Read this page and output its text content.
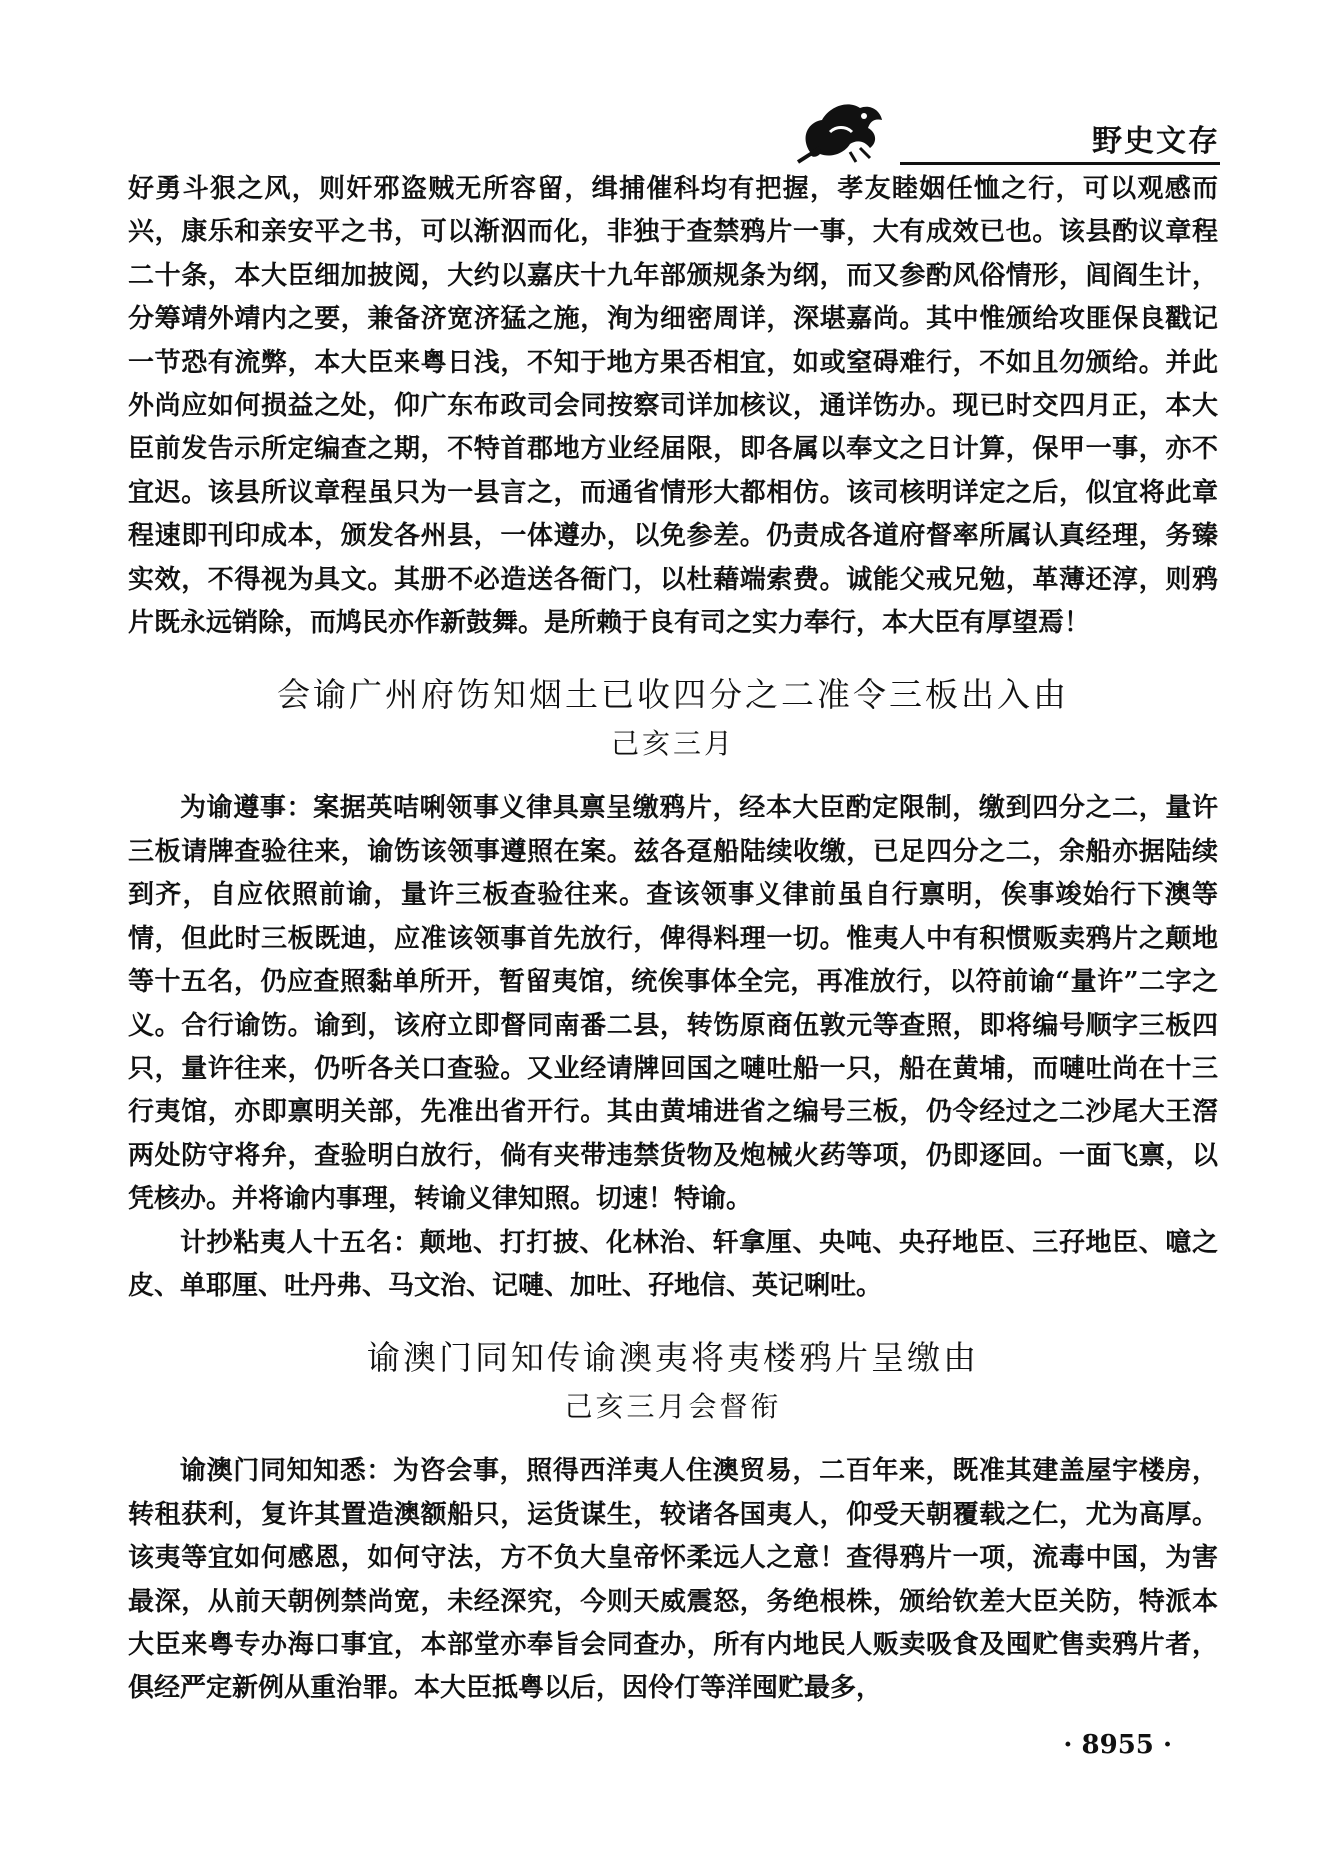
野史文存

好勇斗狠之风，则奸邪盗贼无所容留，缉捕催科均有把握，孝友睦姻任恤之行，可以观感而兴，康乐和亲安平之书，可以渐泅而化，非独于查禁鸦片一事，大有成效已也。该县酌议章程二十条，本大臣细加披阅，大约以嘉庆十九年部颁规条为纲，而又参酌风俗情形，闾阎生计，分筹靖外靖内之要，兼备济宽济猛之施，洵为细密周详，深堪嘉尚。其中惟颁给攻匪保良戳记一节恐有流弊，本大臣来粤日浅，不知于地方果否相宜，如或窒碍难行，不如且勿颁给。并此外尚应如何损益之处，仰广东布政司会同按察司详加核议，通详饬办。现已时交四月正，本大臣前发告示所定编查之期，不特首郡地方业经届限，即各属以奉文之日计算，保甲一事，亦不宜迟。该县所议章程虽只为一县言之，而通省情形大都相仿。该司核明详定之后，似宜将此章程速即刊印成本，颁发各州县，一体遵办，以免参差。仍责成各道府督率所属认真经理，务臻实效，不得视为具文。其册不必造送各衙门，以杜藉端索费。诚能父戒兄勉，革薄还淳，则鸦片既永远销除，而鸠民亦作新鼓舞。是所赖于良有司之实力奉行，本大臣有厚望焉！

会谕广州府饬知烟土已收四分之二准令三板出入由
己亥三月

为谕遵事：案据英咭唎领事义律具禀呈缴鸦片，经本大臣酌定限制，缴到四分之二，量许三板请牌查验往来，谕饬该领事遵照在案。兹各趸船陆续收缴，已足四分之二，余船亦据陆续到齐，自应依照前谕，量许三板查验往来。查该领事义律前虽自行禀明，俟事竣始行下澳等情，但此时三板既迪，应准该领事首先放行，俾得料理一切。惟夷人中有积惯贩卖鸦片之颠地等十五名，仍应查照黏单所开，暂留夷馆，统俟事体全完，再准放行，以符前谕“量许”二字之义。合行谕饬。谕到，该府立即督同南番二县，转饬原商伍敦元等查照，即将编号顺字三板四只，量许往来，仍听各关口查验。又业经请牌回国之嗹吐船一只，船在黄埔，而嗹吐尚在十三行夷馆，亦即禀明关部，先准出省开行。其由黄埔进省之编号三板，仍令经过之二沙尾大王滘两处防守将弁，查验明白放行，倘有夹带违禁货物及炮械火药等项，仍即逐回。一面飞禀，以凭核办。并将谕内事理，转谕义律知照。切速！特谕。

计抄粘夷人十五名：颠地、打打披、化林治、轩拿厘、央吨、央孖地臣、三孖地臣、噫之皮、单耶厘、吐丹弗、马文治、记嗹、加吐、孖地信、英记唎吐。

谕澳门同知传谕澳夷将夷楼鸦片呈缴由
己亥三月会督衔

谕澳门同知知悉：为咨会事，照得西洋夷人住澳贸易，二百年来，既准其建盖屋宇楼房，转租获利，复许其置造澳额船只，运货谋生，较诸各国夷人，仰受天朝覆载之仁，尤为高厚。该夷等宜如何感恩，如何守法，方不负大皇帝怀柔远人之意！查得鸦片一项，流毒中国，为害最深，从前天朝例禁尚宽，未经深究，今则天威震怒，务绝根株，颁给钦差大臣关防，特派本大臣来粤专办海口事宜，本部堂亦奉旨会同查办，所有内地民人贩卖吸食及囤贮售卖鸦片者，俱经严定新例从重治罪。本大臣抵粤以后，因伶仃等洋囤贮最多，

· 8955 ·
